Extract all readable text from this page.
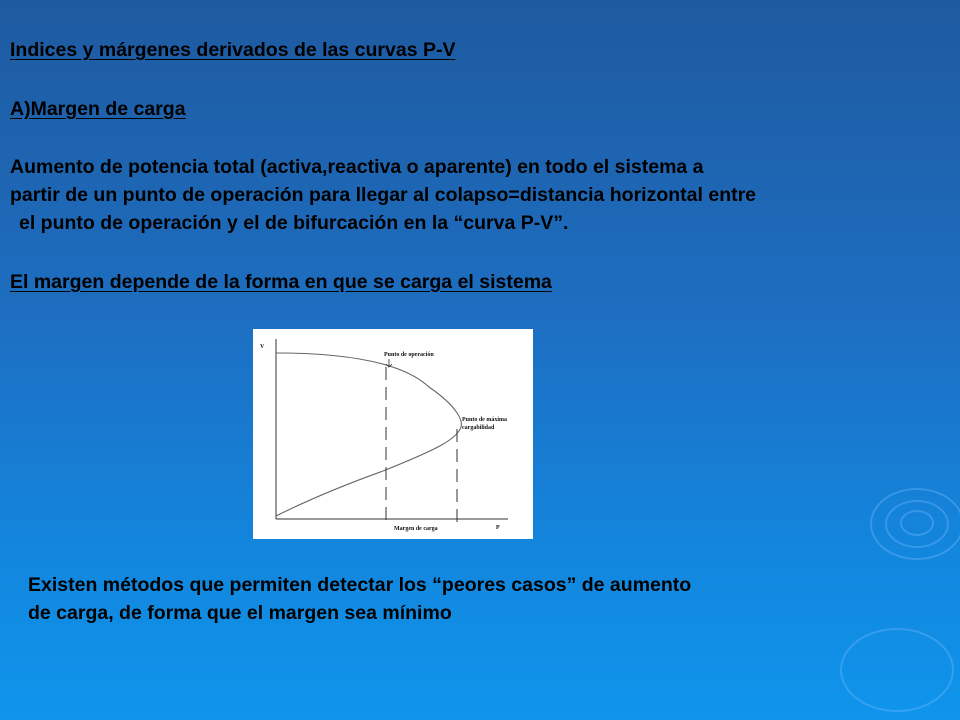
Indices y márgenes derivados de las curvas P-V
A)Margen de carga
Aumento de potencia total (activa,reactiva o aparente) en todo el sistema a
partir de un punto de operación para llegar al colapso=distancia horizontal entre
el punto de operación y el de bifurcación en la “curva P-V”.
El margen depende de la forma en que se carga el sistema
V
P
Punto de operación
Punto de máxima
cargabilidad
Margen de carga
Existen métodos que permiten detectar los “peores casos” de aumento
de carga, de forma que el margen sea mínimo
